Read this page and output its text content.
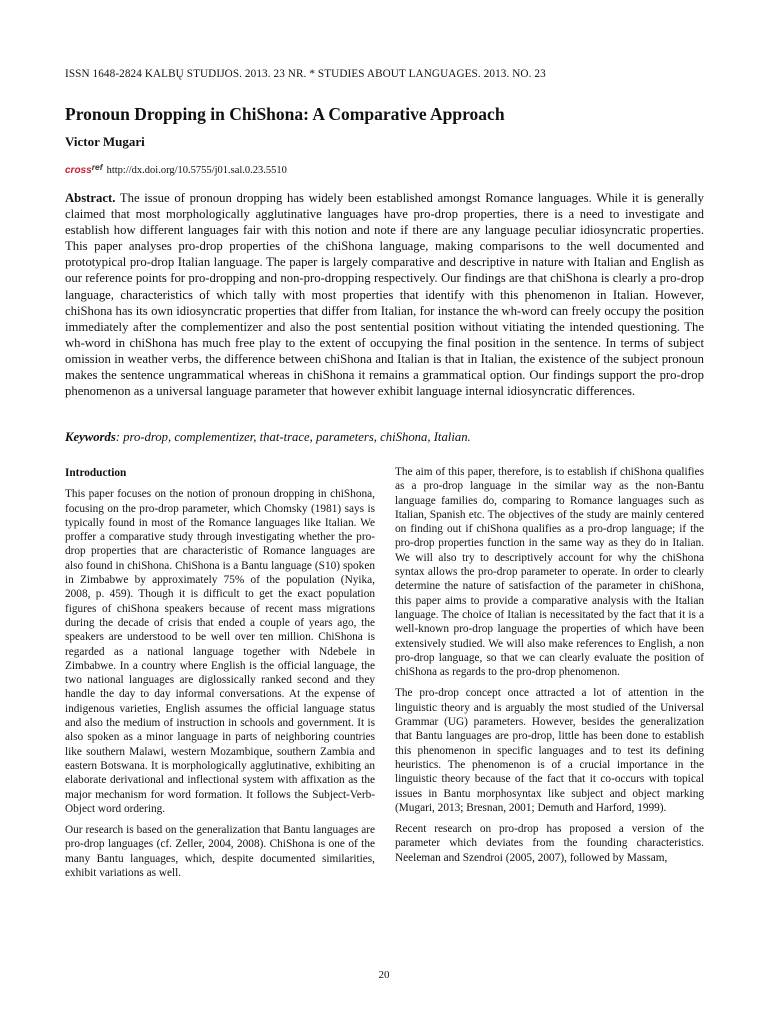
ISSN 1648-2824 KALBŲ STUDIJOS. 2013. 23 NR. * STUDIES ABOUT LANGUAGES. 2013. NO. 23
Pronoun Dropping in ChiShona: A Comparative Approach
Victor Mugari
cross$^{ref}$ http://dx.doi.org/10.5755/j01.sal.0.23.5510
Abstract. The issue of pronoun dropping has widely been established amongst Romance languages. While it is generally claimed that most morphologically agglutinative languages have pro-drop properties, there is a need to investigate and establish how different languages fair with this notion and note if there are any language peculiar idiosyncratic properties. This paper analyses pro-drop properties of the chiShona language, making comparisons to the well documented and prototypical pro-drop Italian language. The paper is largely comparative and descriptive in nature with Italian and English as our reference points for pro-dropping and non-pro-dropping respectively. Our findings are that chiShona is clearly a pro-drop language, characteristics of which tally with most properties that identify with this phenomenon in Italian. However, chiShona has its own idiosyncratic properties that differ from Italian, for instance the wh-word can freely occupy the position immediately after the complementizer and also the post sentential position without vitiating the intended questioning. The wh-word in chiShona has much free play to the extent of occupying the final position in the sentence. In terms of subject omission in weather verbs, the difference between chiShona and Italian is that in Italian, the existence of the subject pronoun makes the sentence ungrammatical whereas in chiShona it remains a grammatical option. Our findings support the pro-drop phenomenon as a universal language parameter that however exhibit language internal idiosyncratic differences.
Keywords: pro-drop, complementizer, that-trace, parameters, chiShona, Italian.
Introduction

This paper focuses on the notion of pronoun dropping in chiShona, focusing on the pro-drop parameter, which Chomsky (1981) says is typically found in most of the Romance languages like Italian. We proffer a comparative study through investigating whether the pro-drop properties that are characteristic of Romance languages are also found in chiShona. ChiShona is a Bantu language (S10) spoken in Zimbabwe by approximately 75% of the population (Nyika, 2008, p. 459). Though it is difficult to get the exact population figures of chiShona speakers because of recent mass migrations during the decade of crisis that ended a couple of years ago, the speakers are understood to be well over ten million. ChiShona is regarded as a national language together with Ndebele in Zimbabwe. In a country where English is the official language, the two national languages are diglossically ranked second and they handle the day to day informal conversations. At the expense of indigenous varieties, English assumes the official language status and also the medium of instruction in schools and government. It is also spoken as a minor language in parts of neighboring countries like southern Malawi, western Mozambique, southern Zambia and eastern Botswana. It is morphologically agglutinative, exhibiting an elaborate derivational and inflectional system with affixation as the major mechanism for word formation. It follows the Subject-Verb-Object word ordering.

Our research is based on the generalization that Bantu languages are pro-drop languages (cf. Zeller, 2004, 2008). ChiShona is one of the many Bantu languages, which, despite documented similarities, exhibit variations as well.

The aim of this paper, therefore, is to establish if chiShona qualifies as a pro-drop language in the similar way as the non-Bantu language families do, comparing to Romance languages such as Italian, Spanish etc. The objectives of the study are mainly centered on finding out if chiShona qualifies as a pro-drop language; if the pro-drop properties function in the same way as they do in Italian. We will also try to descriptively account for why the chiShona syntax allows the pro-drop parameter to operate. In order to clearly determine the nature of satisfaction of the parameter in chiShona, this paper aims to provide a comparative analysis with the Italian language. The choice of Italian is necessitated by the fact that it is a well-known pro-drop language the properties of which have been extensively studied. We will also make references to English, a non pro-drop language, so that we can clearly evaluate the position of chiShona as regards to the pro-drop phenomenon.

The pro-drop concept once attracted a lot of attention in the linguistic theory and is arguably the most studied of the Universal Grammar (UG) parameters. However, besides the generalization that Bantu languages are pro-drop, little has been done to establish this phenomenon in specific languages and to test its defining heuristics. The phenomenon is of a crucial importance in the linguistic theory because of the fact that it co-occurs with topical issues in Bantu morphosyntax like subject and object marking (Mugari, 2013; Bresnan, 2001; Demuth and Harford, 1999).

Recent research on pro-drop has proposed a version of the parameter which deviates from the founding characteristics. Neeleman and Szendroi (2005, 2007), followed by Massam,

20
